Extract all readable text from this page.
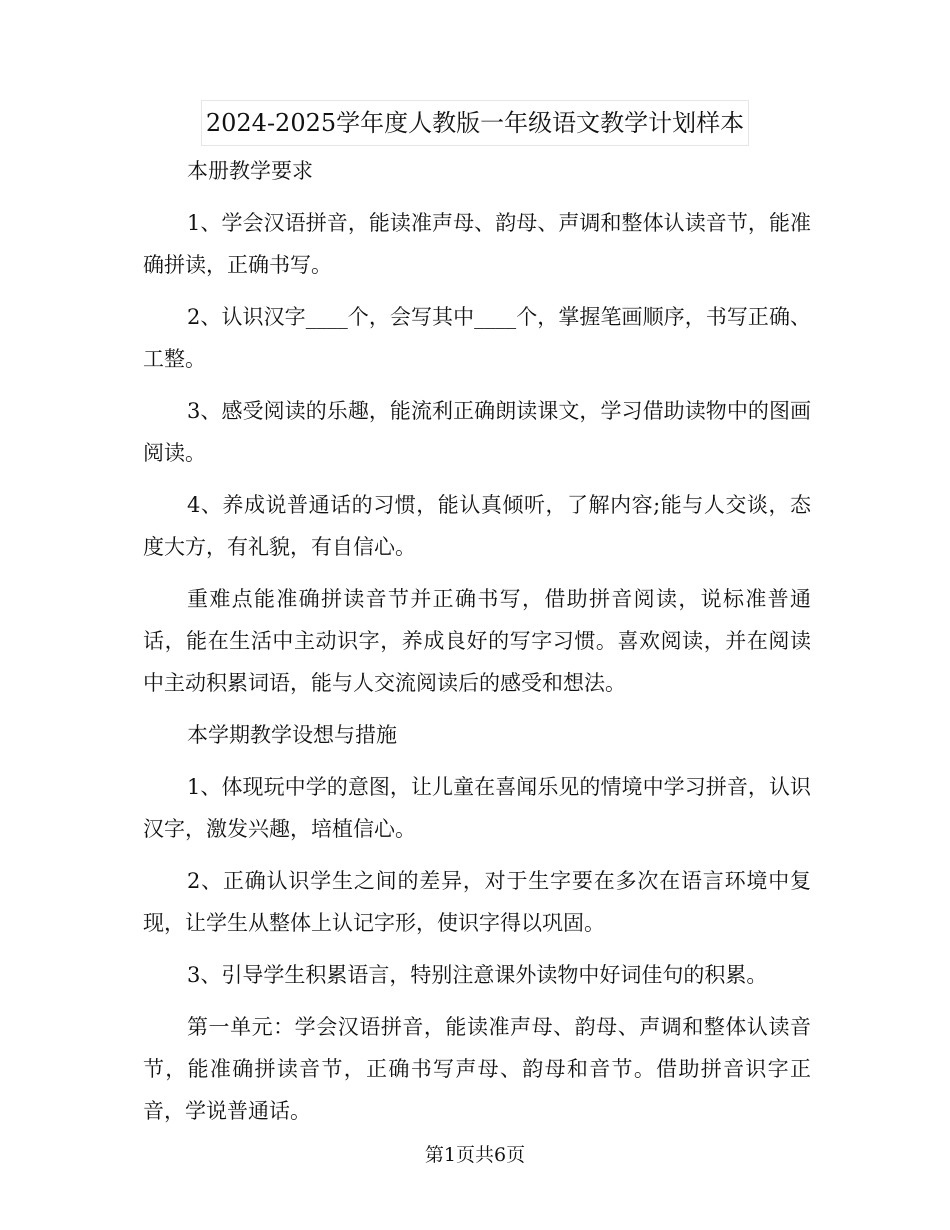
2024-2025学年度人教版一年级语文教学计划样本

本册教学要求

1、学会汉语拼音，能读准声母、韵母、声调和整体认读音节，能准确拼读，正确书写。

2、认识汉字____个，会写其中____个，掌握笔画顺序，书写正确、工整。

3、感受阅读的乐趣，能流利正确朗读课文，学习借助读物中的图画阅读。

4、养成说普通话的习惯，能认真倾听，了解内容;能与人交谈，态度大方，有礼貌，有自信心。

重难点能准确拼读音节并正确书写，借助拼音阅读，说标准普通话，能在生活中主动识字，养成良好的写字习惯。喜欢阅读，并在阅读中主动积累词语，能与人交流阅读后的感受和想法。

本学期教学设想与措施

1、体现玩中学的意图，让儿童在喜闻乐见的情境中学习拼音，认识汉字，激发兴趣，培植信心。

2、正确认识学生之间的差异，对于生字要在多次在语言环境中复现，让学生从整体上认记字形，使识字得以巩固。

3、引导学生积累语言，特别注意课外读物中好词佳句的积累。

第一单元：学会汉语拼音，能读准声母、韵母、声调和整体认读音节，能准确拼读音节，正确书写声母、韵母和音节。借助拼音识字正音，学说普通话。

第1页共6页
